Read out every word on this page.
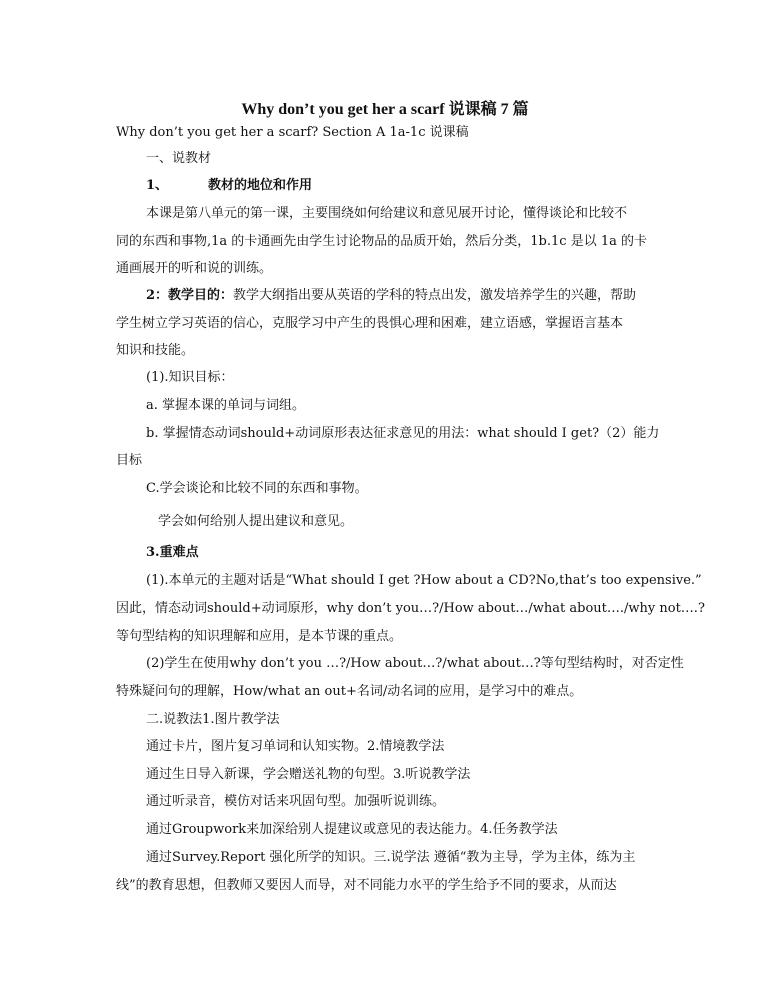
Why don’t you get her a scarf 说课稿 7 篇
Why don’t you get her a scarf? Section A 1a-1c 说课稿
一、说教材
1、	教材的地位和作用
本课是第八单元的第一课，主要围绕如何给建议和意见展开讨论，懂得谈论和比较不
同的东西和事物,1a 的卡通画先由学生讨论物品的品质开始，然后分类，1b.1c 是以 1a 的卡
通画展开的听和说的训练。
2：教学目的：教学大纲指出要从英语的学科的特点出发，激发培养学生的兴趣，帮助
学生树立学习英语的信心，克服学习中产生的畏惧心理和困难，建立语感，掌握语言基本
知识和技能。
(1).知识目标：
a. 掌握本课的单词与词组。
b. 掌握情态动词should+动词原形表达征求意见的用法：what should I get?（2）能力
目标
C.学会谈论和比较不同的东西和事物。
学会如何给别人提出建议和意见。
3.重难点
(1).本单元的主题对话是“What should I get ?How about a CD?No,that’s too expensive.”
因此，情态动词should+动词原形，why don’t you…?/How about…/what about…./why not….?
等句型结构的知识理解和应用，是本节课的重点。
(2)学生在使用why don’t you …?/How about…?/what about…?等句型结构时，对否定性
特殊疑问句的理解，How/what an out+名词/动名词的应用，是学习中的难点。
二.说教法1.图片教学法
通过卡片，图片复习单词和认知实物。2.情境教学法
通过生日导入新课，学会赠送礼物的句型。3.听说教学法
通过听录音，模仿对话来巩固句型。加强听说训练。
通过Groupwork来加深给别人提建议或意见的表达能力。4.任务教学法
通过Survey.Report 强化所学的知识。三.说学法 遵循“教为主导，学为主体，练为主
线”的教育思想，但教师又要因人而导，对不同能力水平的学生给予不同的要求，从而达
